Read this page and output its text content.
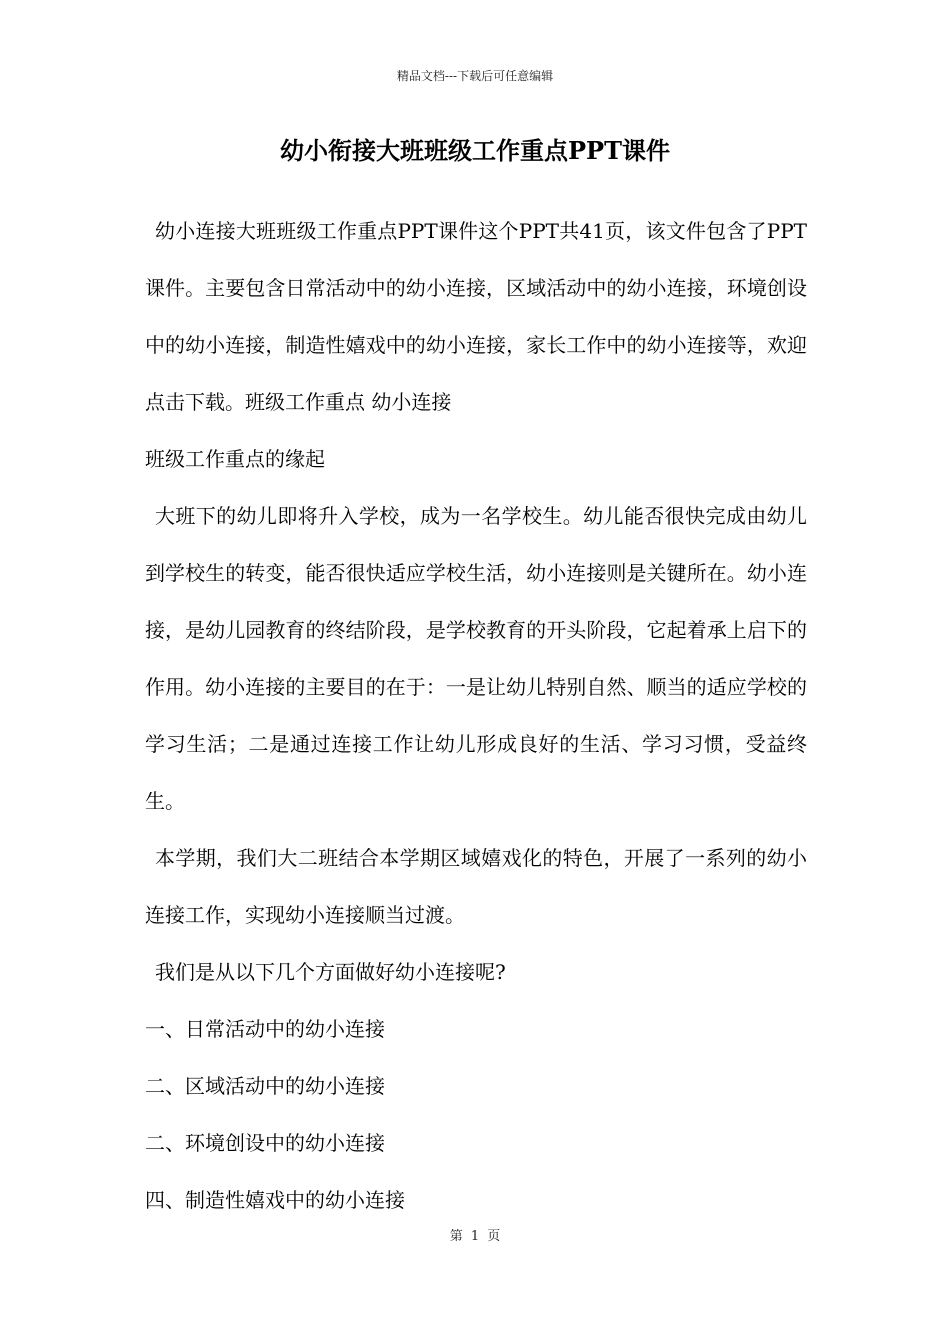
精品文档---下载后可任意编辑
幼小衔接大班班级工作重点PPT课件

幼小连接大班班级工作重点PPT课件这个PPT共41页，该文件包含了PPT课件。主要包含日常活动中的幼小连接，区域活动中的幼小连接，环境创设中的幼小连接，制造性嬉戏中的幼小连接，家长工作中的幼小连接等，欢迎点击下载。班级工作重点 幼小连接

班级工作重点的缘起

大班下的幼儿即将升入学校，成为一名学校生。幼儿能否很快完成由幼儿到学校生的转变，能否很快适应学校生活，幼小连接则是关键所在。幼小连接，是幼儿园教育的终结阶段，是学校教育的开头阶段，它起着承上启下的作用。幼小连接的主要目的在于：一是让幼儿特别自然、顺当的适应学校的学习生活；二是通过连接工作让幼儿形成良好的生活、学习习惯，受益终生。

本学期，我们大二班结合本学期区域嬉戏化的特色，开展了一系列的幼小连接工作，实现幼小连接顺当过渡。

我们是从以下几个方面做好幼小连接呢?

一、日常活动中的幼小连接

二、区域活动中的幼小连接

二、环境创设中的幼小连接

四、制造性嬉戏中的幼小连接

第 1 页
